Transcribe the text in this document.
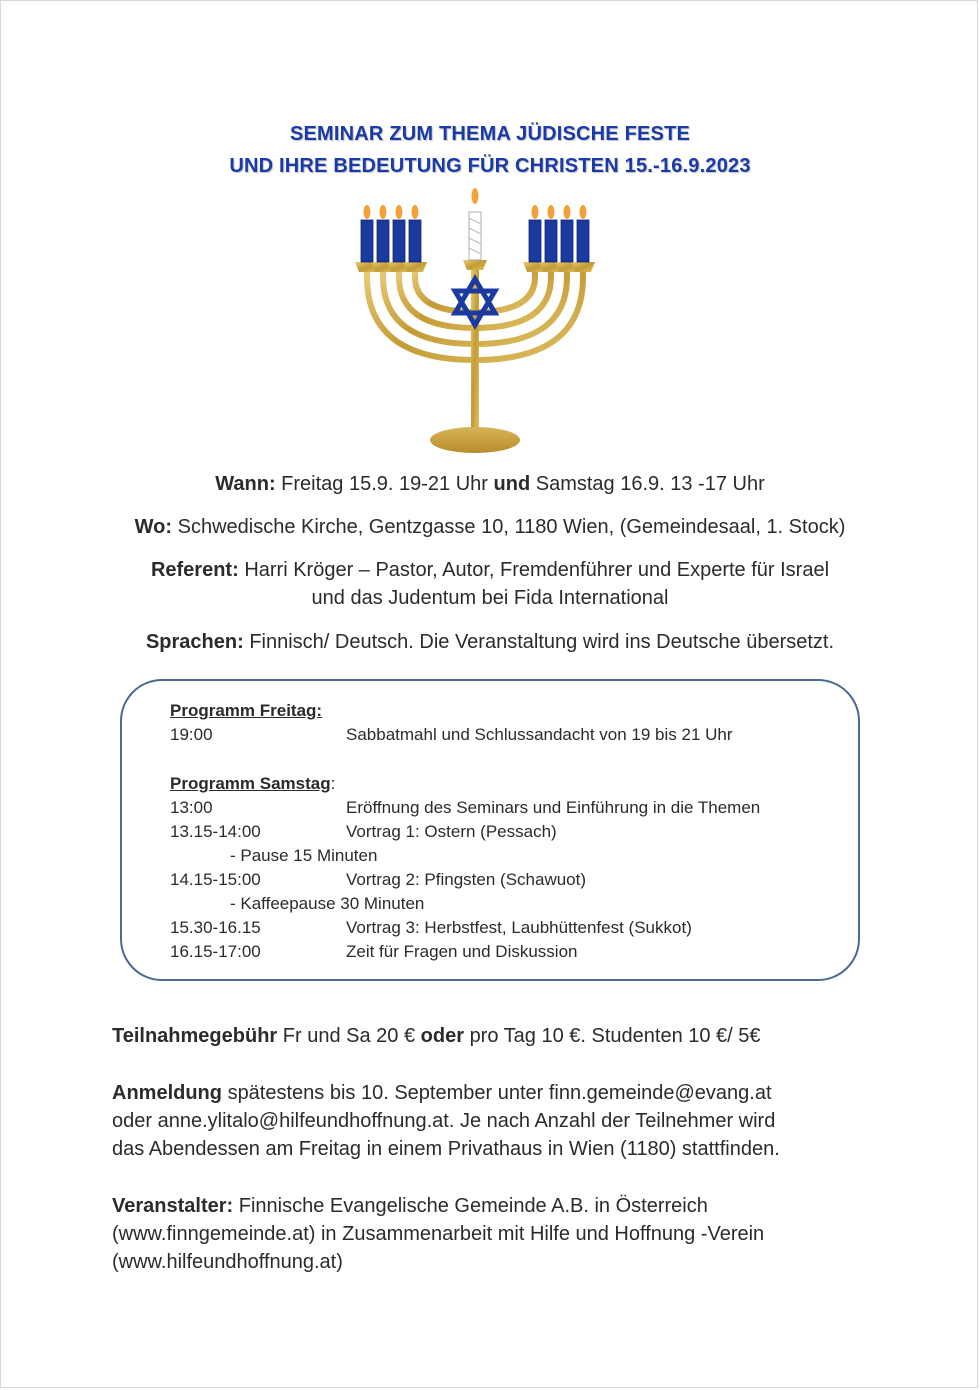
SEMINAR ZUM THEMA JÜDISCHE FESTE
UND IHRE BEDEUTUNG FÜR CHRISTEN 15.-16.9.2023
Wann: Freitag 15.9. 19-21 Uhr und Samstag 16.9. 13 -17 Uhr
Wo: Schwedische Kirche, Gentzgasse 10, 1180 Wien, (Gemeindesaal, 1. Stock)
Referent: Harri Kröger – Pastor, Autor, Fremdenführer und Experte für Israel
und das Judentum bei Fida International
Sprachen: Finnisch/ Deutsch. Die Veranstaltung wird ins Deutsche übersetzt.
Programm Freitag:
19:00	Sabbatmahl und Schlussandacht von 19 bis 21 Uhr
Programm Samstag:
13:00	Eröffnung des Seminars und Einführung in die Themen
13.15-14:00	Vortrag 1: Ostern (Pessach)
- Pause 15 Minuten
14.15-15:00	Vortrag 2: Pfingsten (Schawuot)
- Kaffeepause 30 Minuten
15.30-16.15	Vortrag 3: Herbstfest, Laubhüttenfest (Sukkot)
16.15-17:00	Zeit für Fragen und Diskussion
Teilnahmegebühr Fr und Sa 20 € oder pro Tag 10 €. Studenten 10 €/ 5€
Anmeldung spätestens bis 10. September unter finn.gemeinde@evang.at
oder anne.ylitalo@hilfeundhoffnung.at. Je nach Anzahl der Teilnehmer wird
das Abendessen am Freitag in einem Privathaus in Wien (1180) stattfinden.
Veranstalter: Finnische Evangelische Gemeinde A.B. in Österreich
(www.finngemeinde.at) in Zusammenarbeit mit Hilfe und Hoffnung -Verein
(www.hilfeundhoffnung.at)
